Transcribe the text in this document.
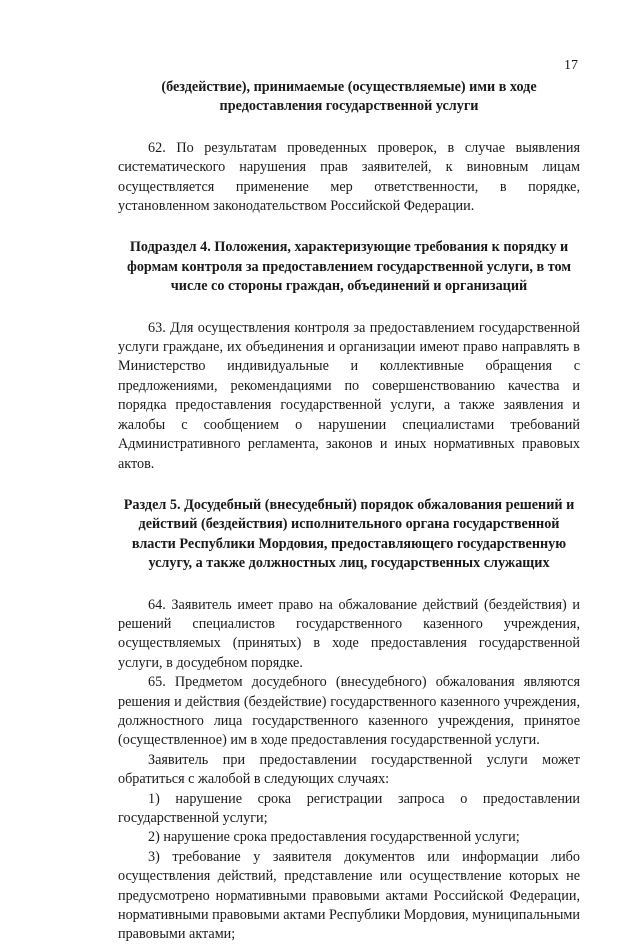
17

(бездействие), принимаемые (осуществляемые) ими в ходе предоставления государственной услуги

62. По результатам проведенных проверок, в случае выявления систематического нарушения прав заявителей, к виновным лицам осуществляется применение мер ответственности, в порядке, установленном законодательством Российской Федерации.

Подраздел 4. Положения, характеризующие требования к порядку и формам контроля за предоставлением государственной услуги, в том числе со стороны граждан, объединений и организаций

63. Для осуществления контроля за предоставлением государственной услуги граждане, их объединения и организации имеют право направлять в Министерство индивидуальные и коллективные обращения с предложениями, рекомендациями по совершенствованию качества и порядка предоставления государственной услуги, а также заявления и жалобы с сообщением о нарушении специалистами требований Административного регламента, законов и иных нормативных правовых актов.

Раздел 5. Досудебный (внесудебный) порядок обжалования решений и действий (бездействия) исполнительного органа государственной власти Республики Мордовия, предоставляющего государственную услугу, а также должностных лиц, государственных служащих

64. Заявитель имеет право на обжалование действий (бездействия) и решений специалистов государственного казенного учреждения, осуществляемых (принятых) в ходе предоставления государственной услуги, в досудебном порядке.

65. Предметом досудебного (внесудебного) обжалования являются решения и действия (бездействие) государственного казенного учреждения, должностного лица государственного казенного учреждения, принятое (осуществленное) им в ходе предоставления государственной услуги.

Заявитель при предоставлении государственной услуги может обратиться с жалобой в следующих случаях:

1) нарушение срока регистрации запроса о предоставлении государственной услуги;

2) нарушение срока предоставления государственной услуги;

3) требование у заявителя документов или информации либо осуществления действий, представление или осуществление которых не предусмотрено нормативными правовыми актами Российской Федерации, нормативными правовыми актами Республики Мордовия, муниципальными правовыми актами;
